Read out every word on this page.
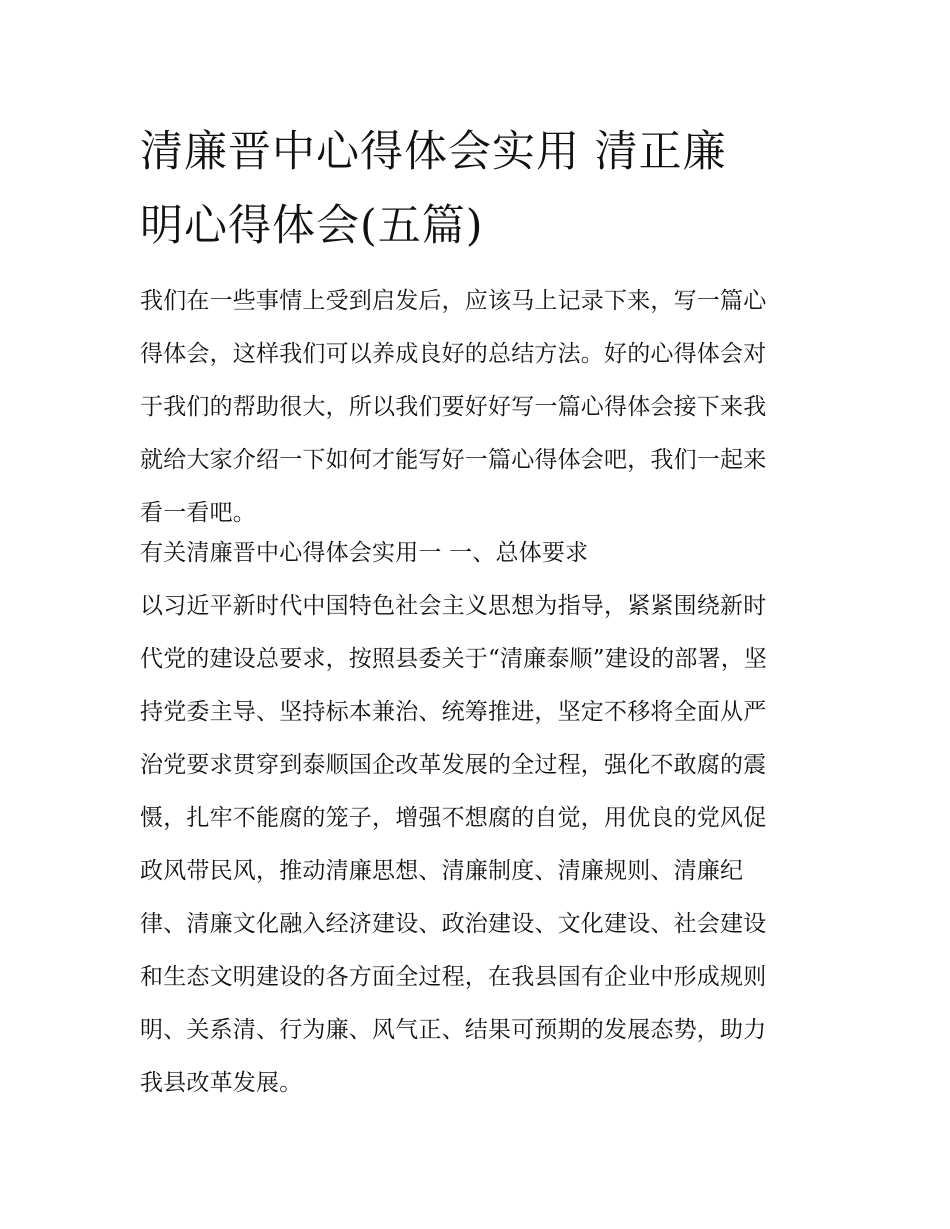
清廉晋中心得体会实用 清正廉
明心得体会(五篇)
我们在一些事情上受到启发后，应该马上记录下来，写一篇心
得体会，这样我们可以养成良好的总结方法。好的心得体会对
于我们的帮助很大，所以我们要好好写一篇心得体会接下来我
就给大家介绍一下如何才能写好一篇心得体会吧，我们一起来
看一看吧。
有关清廉晋中心得体会实用一 一、总体要求
以习近平新时代中国特色社会主义思想为指导，紧紧围绕新时
代党的建设总要求，按照县委关于“清廉泰顺”建设的部署，坚
持党委主导、坚持标本兼治、统筹推进，坚定不移将全面从严
治党要求贯穿到泰顺国企改革发展的全过程，强化不敢腐的震
慑，扎牢不能腐的笼子，增强不想腐的自觉，用优良的党风促
政风带民风，推动清廉思想、清廉制度、清廉规则、清廉纪
律、清廉文化融入经济建设、政治建设、文化建设、社会建设
和生态文明建设的各方面全过程，在我县国有企业中形成规则
明、关系清、行为廉、风气正、结果可预期的发展态势，助力
我县改革发展。
